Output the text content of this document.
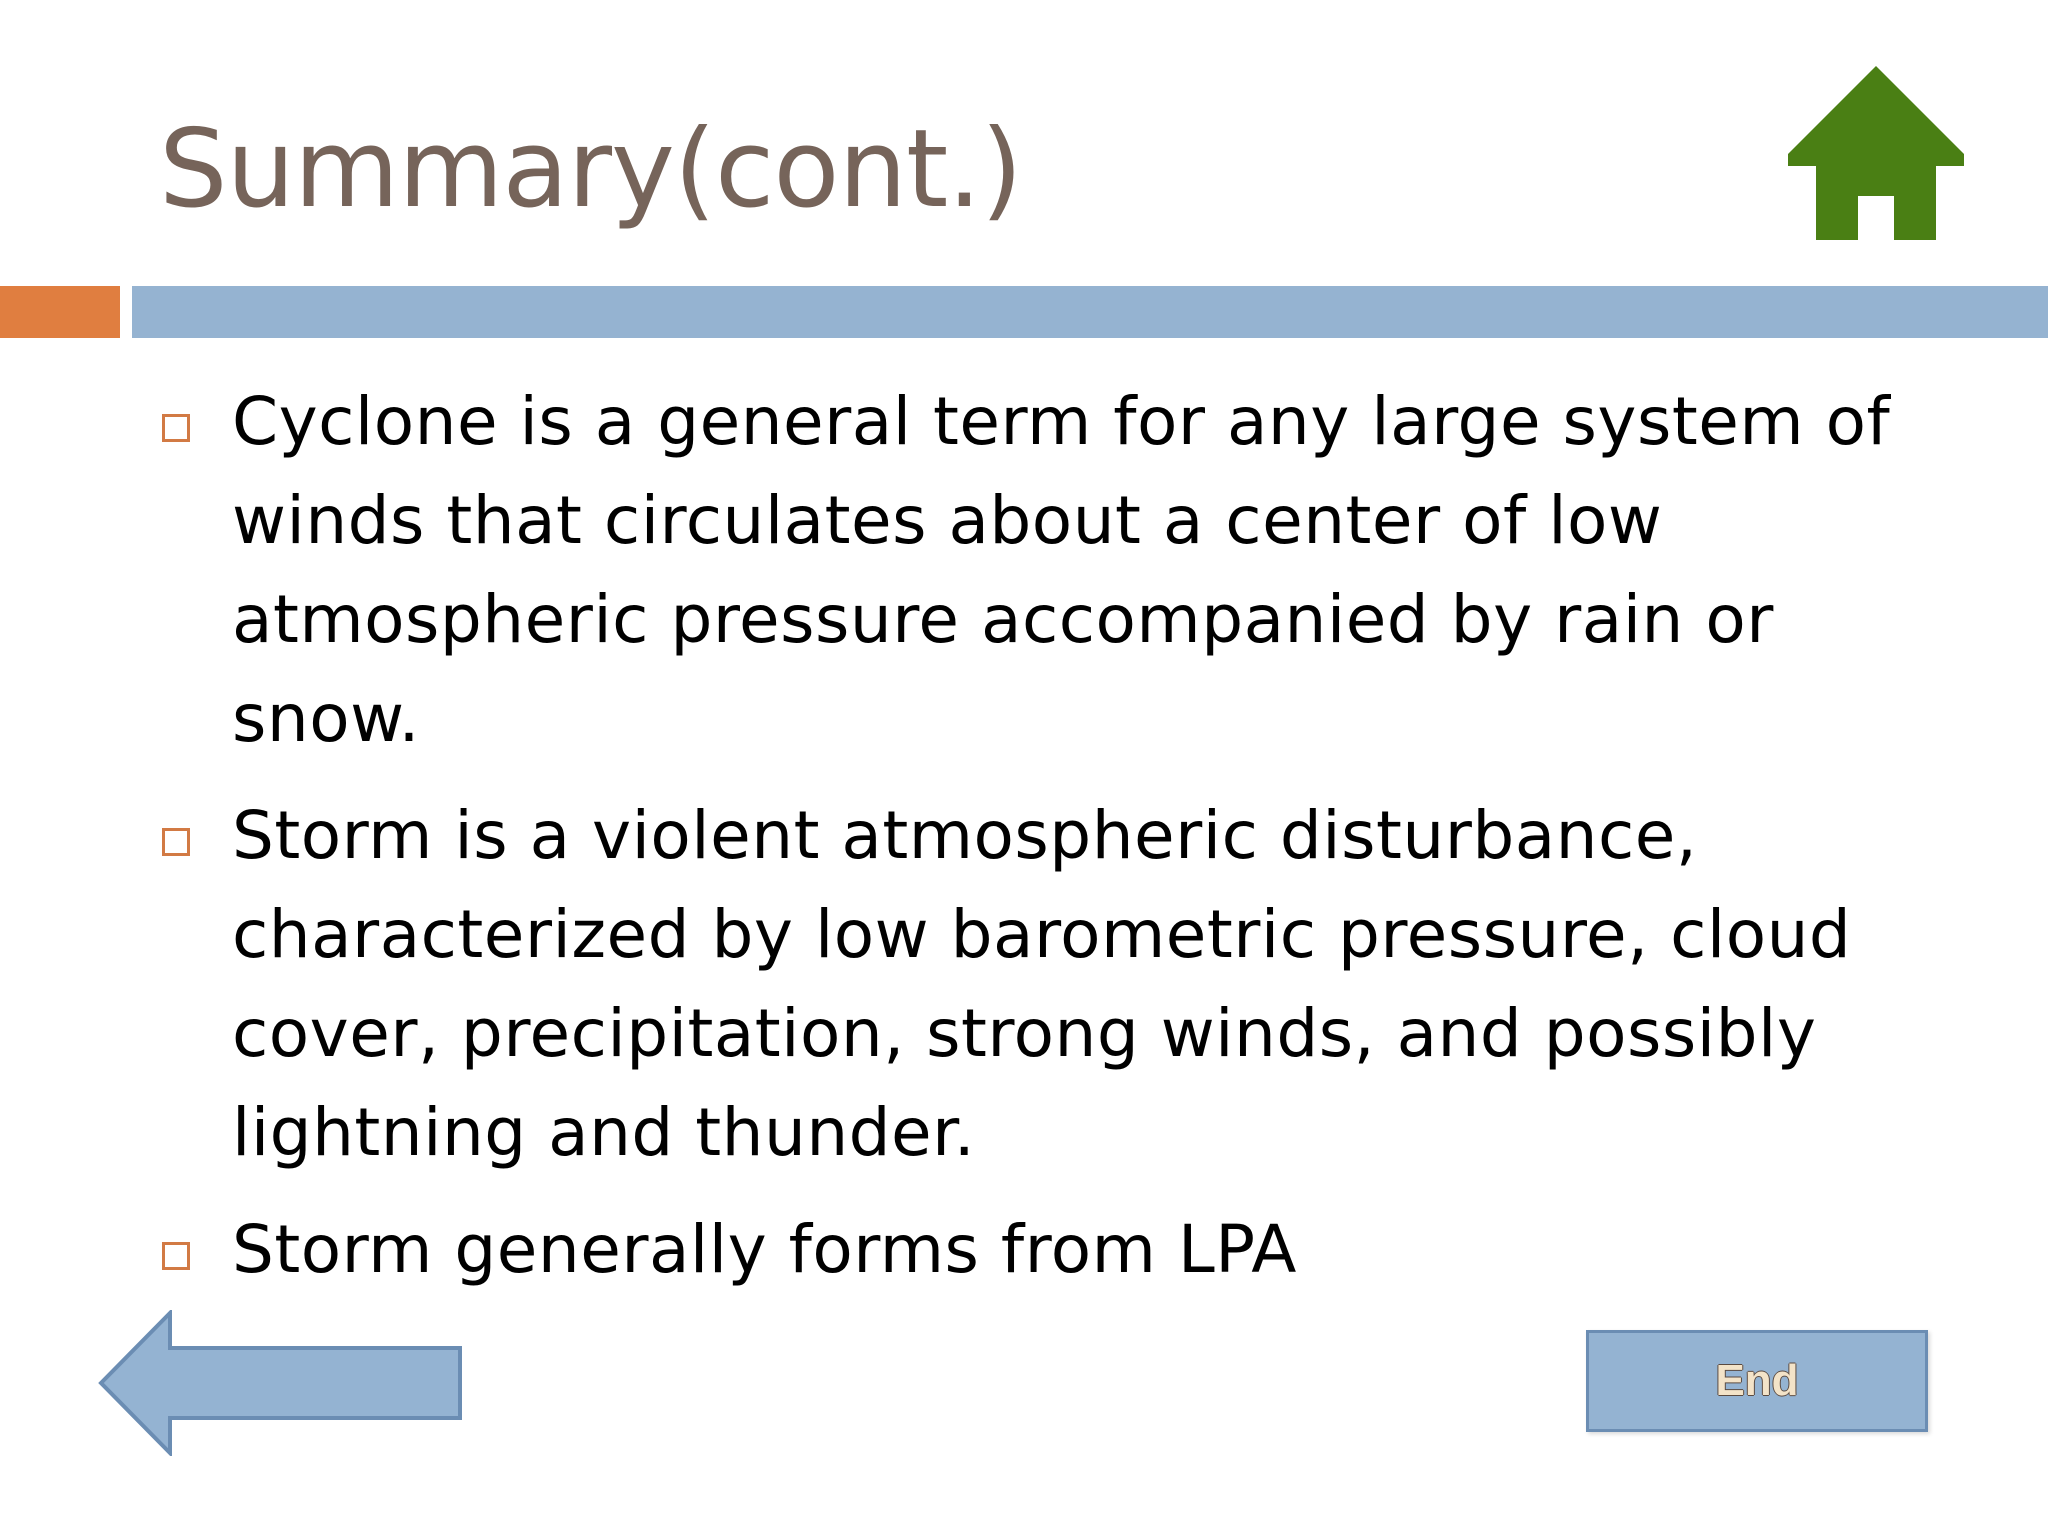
Summary(cont.)
Cyclone is a general term for any large system of winds that circulates about a center of low atmospheric pressure accompanied by rain or snow.
Storm is a violent atmospheric disturbance, characterized by low barometric pressure, cloud cover, precipitation, strong winds, and possibly lightning and thunder.
Storm generally forms from LPA
End
